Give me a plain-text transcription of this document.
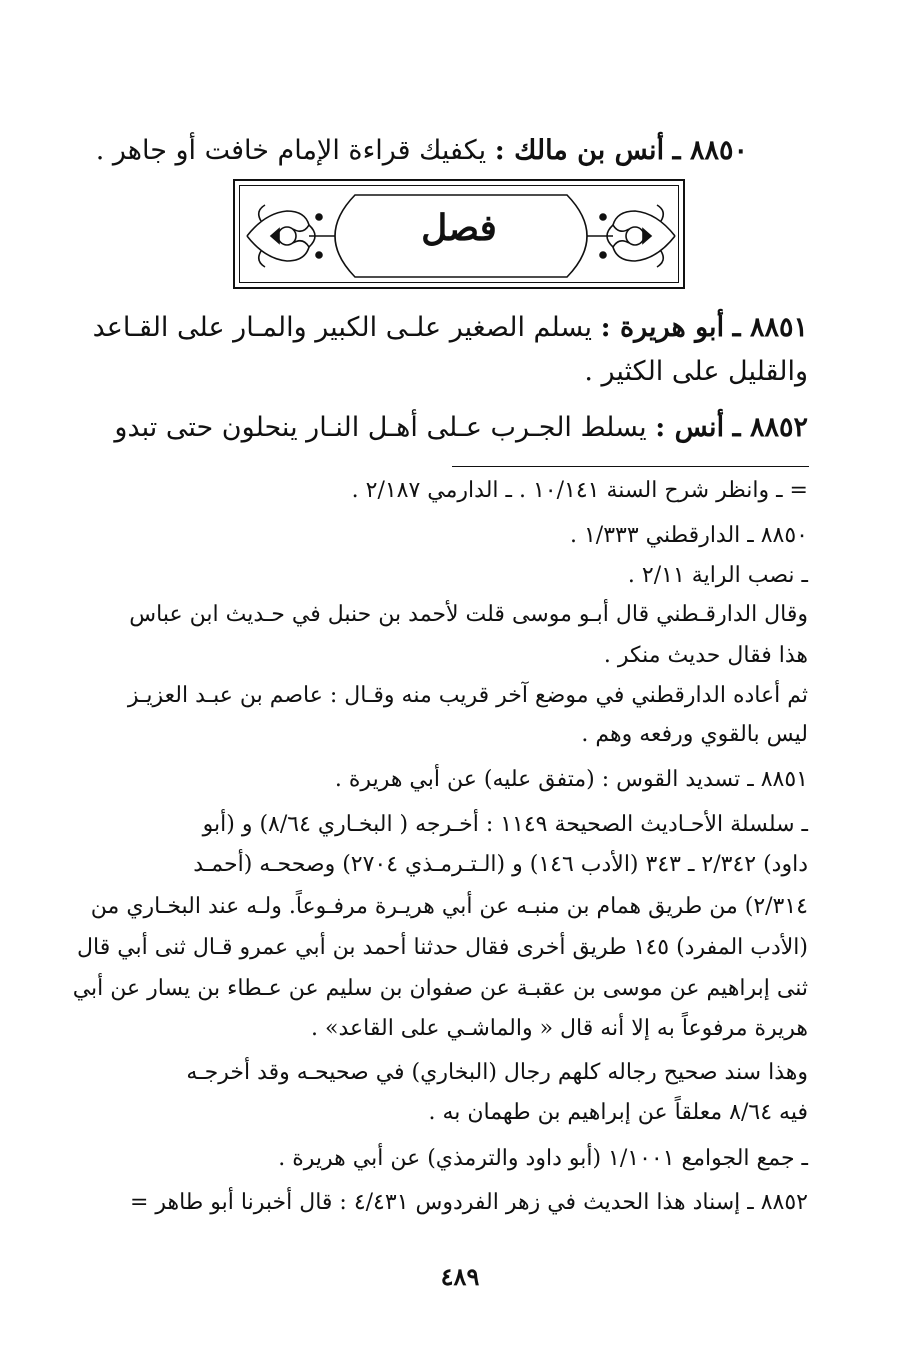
٨٨٥٠ ـ أنس بن مالك : يكفيك قراءة الإمام خافت أو جاهر .
فصل
٨٨٥١ ـ أبو هريرة : يسلم الصغير علـى الكبير والمـار على القـاعد
والقليل على الكثير .
٨٨٥٢ ـ أنس : يسلط الجـرب عـلى أهـل النـار ينحلون حتى تبدو
= ـ وانظر شرح السنة ١٠/١٤١ . ـ الدارمي ٢/١٨٧ .
٨٨٥٠ ـ الدارقطني ١/٣٣٣ .
ـ نصب الراية ٢/١١ .
وقال الدارقـطني قال أبـو موسى قلت لأحمد بن حنبل في حـديث ابن عباس
هذا فقال حديث منكر .
ثم أعاده الدارقطني في موضع آخر قريب منه وقـال : عاصم بن عبـد العزيـز
ليس بالقوي ورفعه وهم .
٨٨٥١ ـ تسديد القوس : (متفق عليه) عن أبي هريرة .
ـ سلسلة الأحـاديث الصحيحة ١١٤٩ : أخـرجه ( البخـاري ٨/٦٤) و (أبو
داود) ٢/٣٤٢ ـ ٣٤٣ (الأدب ١٤٦) و (الـتـرمـذي ٢٧٠٤) وصححـه (أحمـد
٢/٣١٤) من طريق همام بن منبـه عن أبي هريـرة مرفـوعاً. ولـه عند البخـاري من
(الأدب المفرد) ١٤٥ طريق أخرى فقال حدثنا أحمد بن أبي عمرو قـال ثنى أبي قال
ثنى إبراهيم عن موسى بن عقبـة عن صفوان بن سليم عن عـطاء بن يسار عن أبي
هريرة مرفوعاً به إلا أنه قال « والماشـي على القاعد» .
وهذا سند صحيح رجاله كلهم رجال (البخاري) في صحيحـه وقد أخرجـه
فيه ٨/٦٤ معلقاً عن إبراهيم بن طهمان به .
ـ جمع الجوامع ١/١٠٠١ (أبو داود والترمذي) عن أبي هريرة .
٨٨٥٢ ـ إسناد هذا الحديث في زهر الفردوس ٤/٤٣١ : قال أخبرنا أبو طاهر =
٤٨٩
